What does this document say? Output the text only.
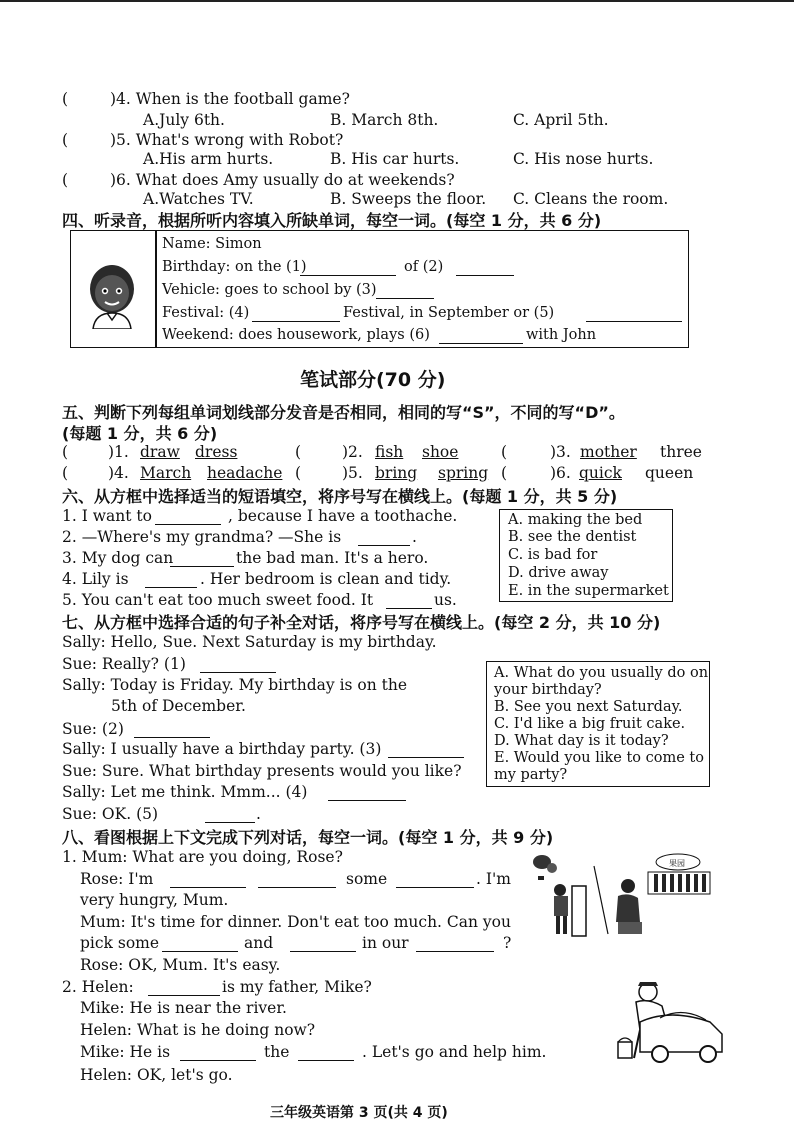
(	)4. When is the football game?
A.July 6th.	B. March 8th.	C. April 5th.
(	)5. What's wrong with Robot?
A.His arm hurts.	B. His car hurts.	C. His nose hurts.
(	)6. What does Amy usually do at weekends?
A.Watches TV.	B. Sweeps the floor. C. Cleans the room.
四、听录音，根据所听内容填入所缺单词，每空一词。(每空 1 分，共 6 分)
Name: Simon
Birthday: on the (1)	of (2)
Vehicle: goes to school by (3)
Festival: (4)	Festival, in September or (5)
Weekend: does housework, plays (6)	with John
笔试部分(70 分)
五、判断下列每组单词划线部分发音是否相同，相同的写“S”，不同的写“D”。
(每题 1 分，共 6 分)
(	)1. draw dress	(	)2. fish shoe	(	)3. mother three
(	)4. March headache (	)5. bring spring (	)6. quick queen
六、从方框中选择适当的短语填空，将序号写在横线上。(每题 1 分，共 5 分)
1. I want to	, because I have a toothache.
2. —Where's my grandma? —She is	.
3. My dog can	the bad man. It's a hero.
4. Lily is	. Her bedroom is clean and tidy.
5. You can't eat too much sweet food. It	us.
A. making the bed
B. see the dentist
C. is bad for
D. drive away
E. in the supermarket
七、从方框中选择合适的句子补全对话，将序号写在横线上。(每空 2 分，共 10 分)
Sally: Hello, Sue. Next Saturday is my birthday.
Sue: Really? (1)
Sally: Today is Friday. My birthday is on the
5th of December.
Sue: (2)
Sally: I usually have a birthday party. (3)
Sue: Sure. What birthday presents would you like?
Sally: Let me think. Mmm... (4)
Sue: OK. (5)	.
A. What do you usually do on
your birthday?
B. See you next Saturday.
C. I'd like a big fruit cake.
D. What day is it today?
E. Would you like to come to
my party?
八、看图根据上下文完成下列对话，每空一词。(每空 1 分，共 9 分)
1. Mum: What are you doing, Rose?
Rose: I'm	some	. I'm
very hungry, Mum.
Mum: It's time for dinner. Don't eat too much. Can you
pick some	and	in our	?
Rose: OK, Mum. It's easy.
2. Helen:	is my father, Mike?
Mike: He is near the river.
Helen: What is he doing now?
Mike: He is	the	. Let's go and help him.
Helen: OK, let's go.
果园
三年级英语第 3 页(共 4 页)
